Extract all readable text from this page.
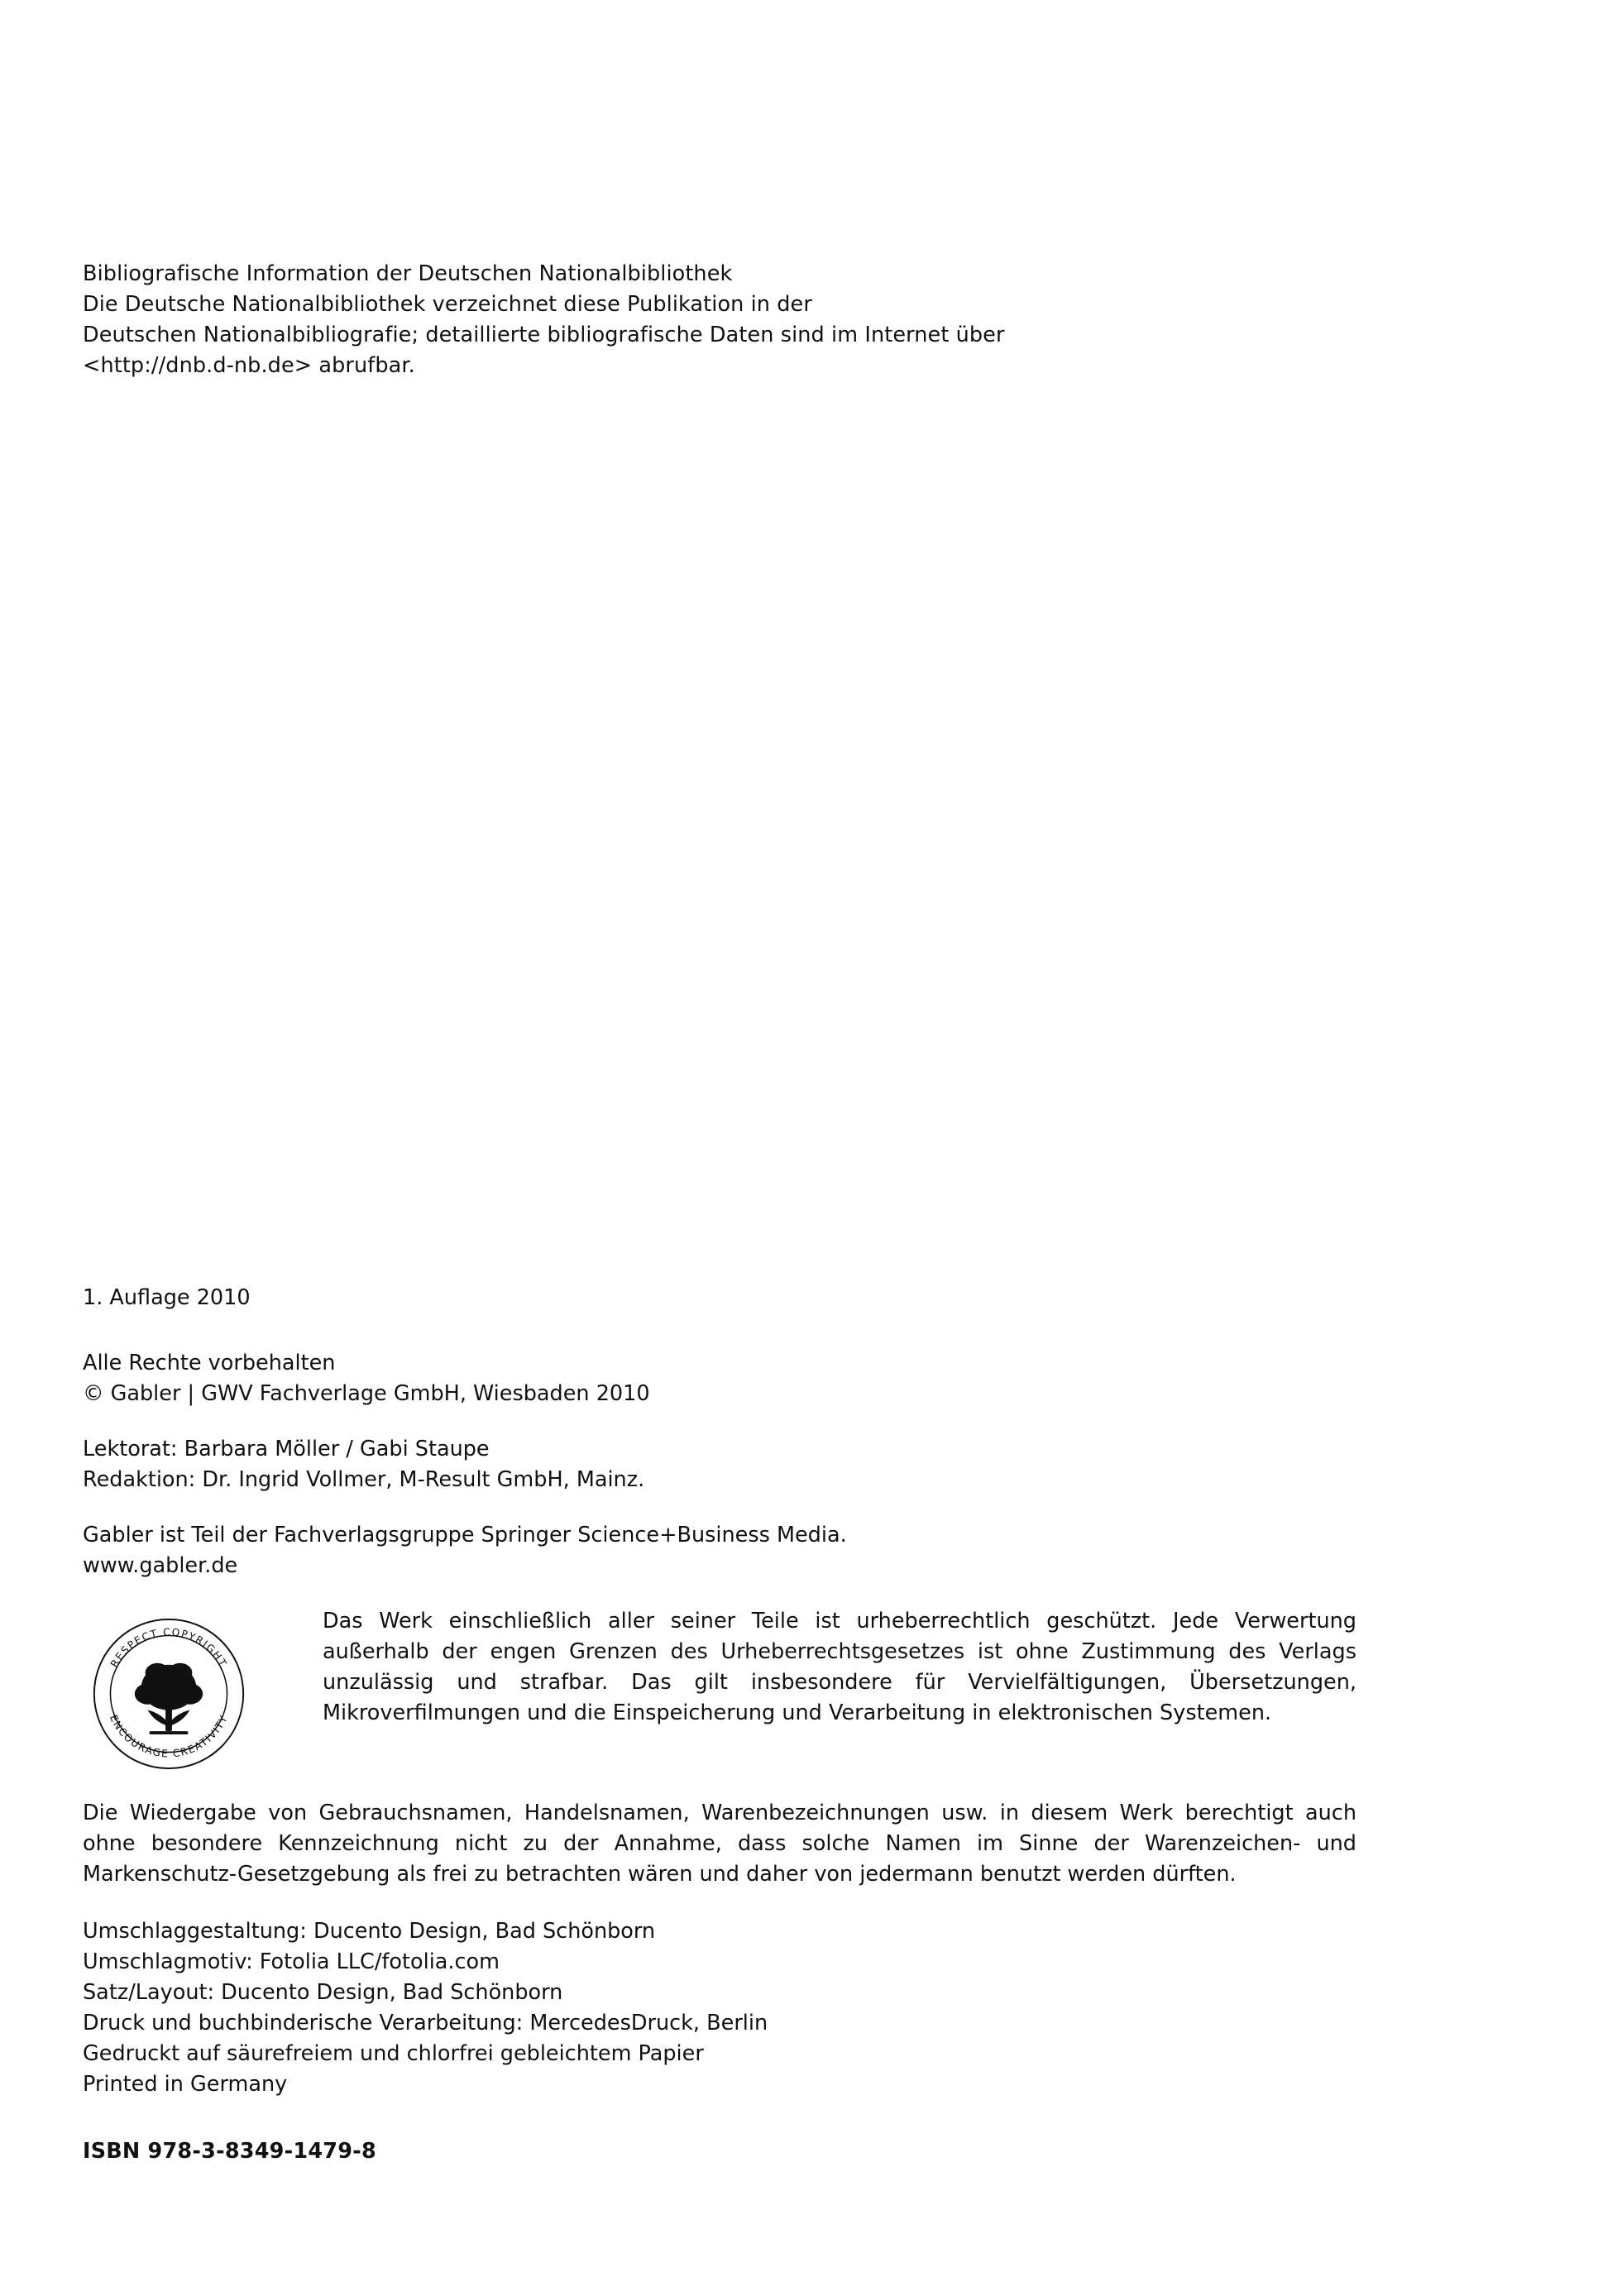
Bibliografische Information der Deutschen Nationalbibliothek
Die Deutsche Nationalbibliothek verzeichnet diese Publikation in der
Deutschen Nationalbibliografie; detaillierte bibliografische Daten sind im Internet über
<http://dnb.d-nb.de> abrufbar.
1. Auflage 2010
Alle Rechte vorbehalten
© Gabler | GWV Fachverlage GmbH, Wiesbaden 2010
Lektorat: Barbara Möller / Gabi Staupe
Redaktion: Dr. Ingrid Vollmer, M-Result GmbH, Mainz.
Gabler ist Teil der Fachverlagsgruppe Springer Science+Business Media.
www.gabler.de
RESPECT COPYRIGHT
ENCOURAGE CREATIVITY
Das Werk einschließlich aller seiner Teile ist urheberrechtlich geschützt. Jede Verwertung außerhalb der engen Grenzen des Urheberrechtsgesetzes ist ohne Zustimmung des Verlags unzulässig und strafbar. Das gilt insbesondere für Vervielfältigungen, Übersetzungen, Mikroverfilmungen und die Einspeicherung und Verarbeitung in elektronischen Systemen.
Die Wiedergabe von Gebrauchsnamen, Handelsnamen, Warenbezeichnungen usw. in diesem Werk berechtigt auch ohne besondere Kennzeichnung nicht zu der Annahme, dass solche Namen im Sinne der Warenzeichen- und Markenschutz-Gesetzgebung als frei zu betrachten wären und daher von jedermann benutzt werden dürften.
Umschlaggestaltung: Ducento Design, Bad Schönborn
Umschlagmotiv: Fotolia LLC/fotolia.com
Satz/Layout: Ducento Design, Bad Schönborn
Druck und buchbinderische Verarbeitung: MercedesDruck, Berlin
Gedruckt auf säurefreiem und chlorfrei gebleichtem Papier
Printed in Germany
ISBN 978-3-8349-1479-8
